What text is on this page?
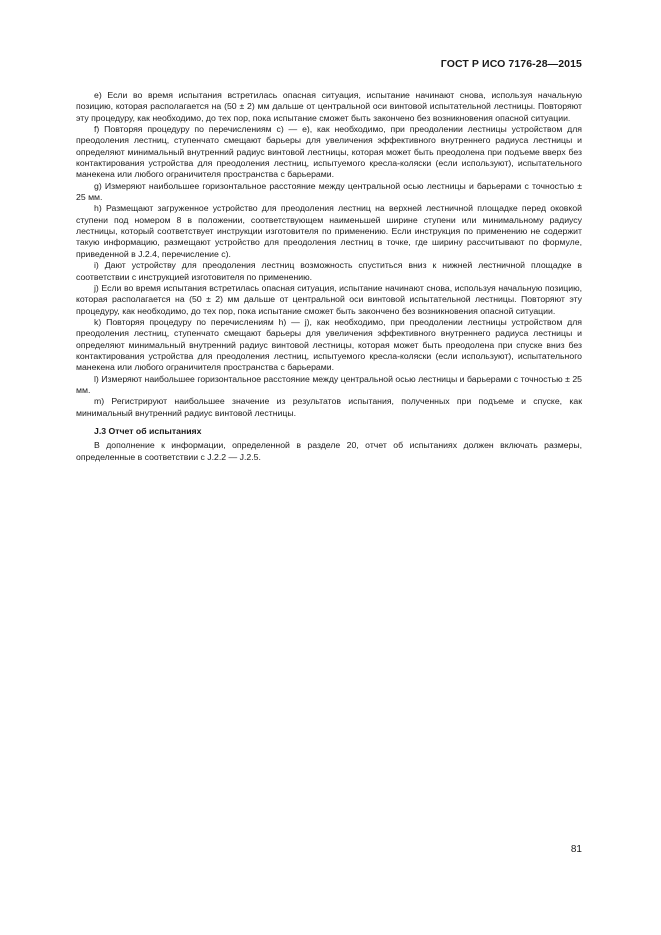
ГОСТ Р ИСО 7176-28—2015

e) Если во время испытания встретилась опасная ситуация, испытание начинают снова, используя начальную позицию, которая располагается на (50 ± 2) мм дальше от центральной оси винтовой испытательной лестницы. Повторяют эту процедуру, как необходимо, до тех пор, пока испытание сможет быть закончено без возникновения опасной ситуации.

f) Повторяя процедуру по перечислениям c) — e), как необходимо, при преодолении лестницы устройством для преодоления лестниц, ступенчато смещают барьеры для увеличения эффективного внутреннего радиуса лестницы и определяют минимальный внутренний радиус винтовой лестницы, которая может быть преодолена при подъеме вверх без контактирования устройства для преодоления лестниц, испытуемого кресла-коляски (если используют), испытательного манекена или любого ограничителя пространства с барьерами.

g) Измеряют наибольшее горизонтальное расстояние между центральной осью лестницы и барьерами с точностью ± 25 мм.

h) Размещают загруженное устройство для преодоления лестниц на верхней лестничной площадке перед оковкой ступени под номером 8 в положении, соответствующем наименьшей ширине ступени или минимальному радиусу лестницы, который соответствует инструкции изготовителя по применению. Если инструкция по применению не содержит такую информацию, размещают устройство для преодоления лестниц в точке, где ширину рассчитывают по формуле, приведенной в J.2.4, перечисление c).

i) Дают устройству для преодоления лестниц возможность спуститься вниз к нижней лестничной площадке в соответствии с инструкцией изготовителя по применению.

j) Если во время испытания встретилась опасная ситуация, испытание начинают снова, используя начальную позицию, которая располагается на (50 ± 2) мм дальше от центральной оси винтовой испытательной лестницы. Повторяют эту процедуру, как необходимо, до тех пор, пока испытание сможет быть закончено без возникновения опасной ситуации.

k) Повторяя процедуру по перечислениям h) — j), как необходимо, при преодолении лестницы устройством для преодоления лестниц, ступенчато смещают барьеры для увеличения эффективного внутреннего радиуса лестницы и определяют минимальный внутренний радиус винтовой лестницы, которая может быть преодолена при спуске вниз без контактирования устройства для преодоления лестниц, испытуемого кресла-коляски (если используют), испытательного манекена или любого ограничителя пространства с барьерами.

l) Измеряют наибольшее горизонтальное расстояние между центральной осью лестницы и барьерами с точностью ± 25 мм.

m) Регистрируют наибольшее значение из результатов испытания, полученных при подъеме и спуске, как минимальный внутренний радиус винтовой лестницы.

J.3 Отчет об испытаниях

В дополнение к информации, определенной в разделе 20, отчет об испытаниях должен включать размеры, определенные в соответствии с J.2.2 — J.2.5.

81
